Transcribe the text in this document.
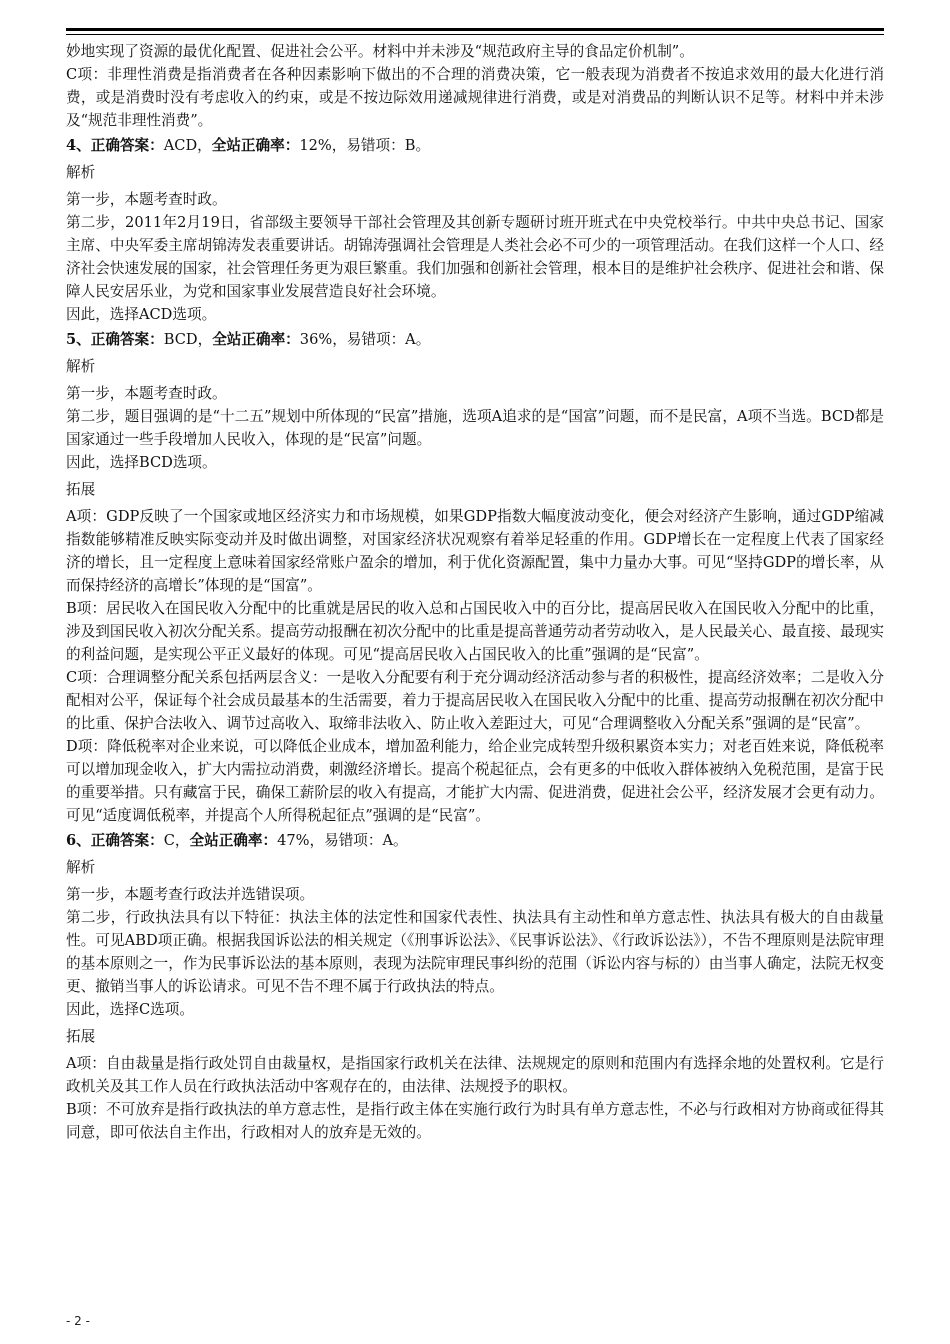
妙地实现了资源的最优化配置、促进社会公平。材料中并未涉及“规范政府主导的食品定价机制”。

C项：非理性消费是指消费者在各种因素影响下做出的不合理的消费决策，它一般表现为消费者不按追求效用的最大化进行消费，或是消费时没有考虑收入的约束，或是不按边际效用递减规律进行消费，或是对消费品的判断认识不足等。材料中并未涉及“规范非理性消费”。

4、正确答案：ACD，全站正确率：12%，易错项：B。

解析

第一步，本题考查时政。

第二步，2011年2月19日，省部级主要领导干部社会管理及其创新专题研讨班开班式在中央党校举行。中共中央总书记、国家主席、中央军委主席胡锦涛发表重要讲话。胡锦涛强调社会管理是人类社会必不可少的一项管理活动。在我们这样一个人口、经济社会快速发展的国家，社会管理任务更为艰巨繁重。我们加强和创新社会管理，根本目的是维护社会秩序、促进社会和谐、保障人民安居乐业，为党和国家事业发展营造良好社会环境。

因此，选择ACD选项。

5、正确答案：BCD，全站正确率：36%，易错项：A。

解析

第一步，本题考查时政。

第二步，题目强调的是“十二五”规划中所体现的“民富”措施，选项A追求的是“国富”问题，而不是民富，A项不当选。BCD都是国家通过一些手段增加人民收入，体现的是“民富”问题。

因此，选择BCD选项。

拓展

A项：GDP反映了一个国家或地区经济实力和市场规模，如果GDP指数大幅度波动变化，便会对经济产生影响，通过GDP缩减指数能够精准反映实际变动并及时做出调整，对国家经济状况观察有着举足轻重的作用。GDP增长在一定程度上代表了国家经济的增长，且一定程度上意味着国家经常账户盈余的增加，利于优化资源配置，集中力量办大事。可见“坚持GDP的增长率，从而保持经济的高增长”体现的是“国富”。

B项：居民收入在国民收入分配中的比重就是居民的收入总和占国民收入中的百分比，提高居民收入在国民收入分配中的比重，涉及到国民收入初次分配关系。提高劳动报酬在初次分配中的比重是提高普通劳动者劳动收入，是人民最关心、最直接、最现实的利益问题，是实现公平正义最好的体现。可见“提高居民收入占国民收入的比重”强调的是“民富”。

C项：合理调整分配关系包括两层含义：一是收入分配要有利于充分调动经济活动参与者的积极性，提高经济效率；二是收入分配相对公平，保证每个社会成员最基本的生活需要，着力于提高居民收入在国民收入分配中的比重、提高劳动报酬在初次分配中的比重、保护合法收入、调节过高收入、取缔非法收入、防止收入差距过大，可见“合理调整收入分配关系”强调的是“民富”。

D项：降低税率对企业来说，可以降低企业成本，增加盈利能力，给企业完成转型升级积累资本实力；对老百姓来说，降低税率可以增加现金收入，扩大内需拉动消费，刺激经济增长。提高个税起征点，会有更多的中低收入群体被纳入免税范围，是富于民的重要举措。只有藏富于民，确保工薪阶层的收入有提高，才能扩大内需、促进消费，促进社会公平，经济发展才会更有动力。可见“适度调低税率，并提高个人所得税起征点”强调的是“民富”。

6、正确答案：C，全站正确率：47%，易错项：A。

解析

第一步，本题考查行政法并选错误项。

第二步，行政执法具有以下特征：执法主体的法定性和国家代表性、执法具有主动性和单方意志性、执法具有极大的自由裁量性。可见ABD项正确。根据我国诉讼法的相关规定（《刑事诉讼法》、《民事诉讼法》、《行政诉讼法》），不告不理原则是法院审理的基本原则之一，作为民事诉讼法的基本原则，表现为法院审理民事纠纷的范围（诉讼内容与标的）由当事人确定，法院无权变更、撤销当事人的诉讼请求。可见不告不理不属于行政执法的特点。

因此，选择C选项。

拓展

A项：自由裁量是指行政处罚自由裁量权，是指国家行政机关在法律、法规规定的原则和范围内有选择余地的处置权利。它是行政机关及其工作人员在行政执法活动中客观存在的，由法律、法规授予的职权。

B项：不可放弃是指行政执法的单方意志性，是指行政主体在实施行政行为时具有单方意志性，不必与行政相对方协商或征得其同意，即可依法自主作出，行政相对人的放弃是无效的。

- 2 -
